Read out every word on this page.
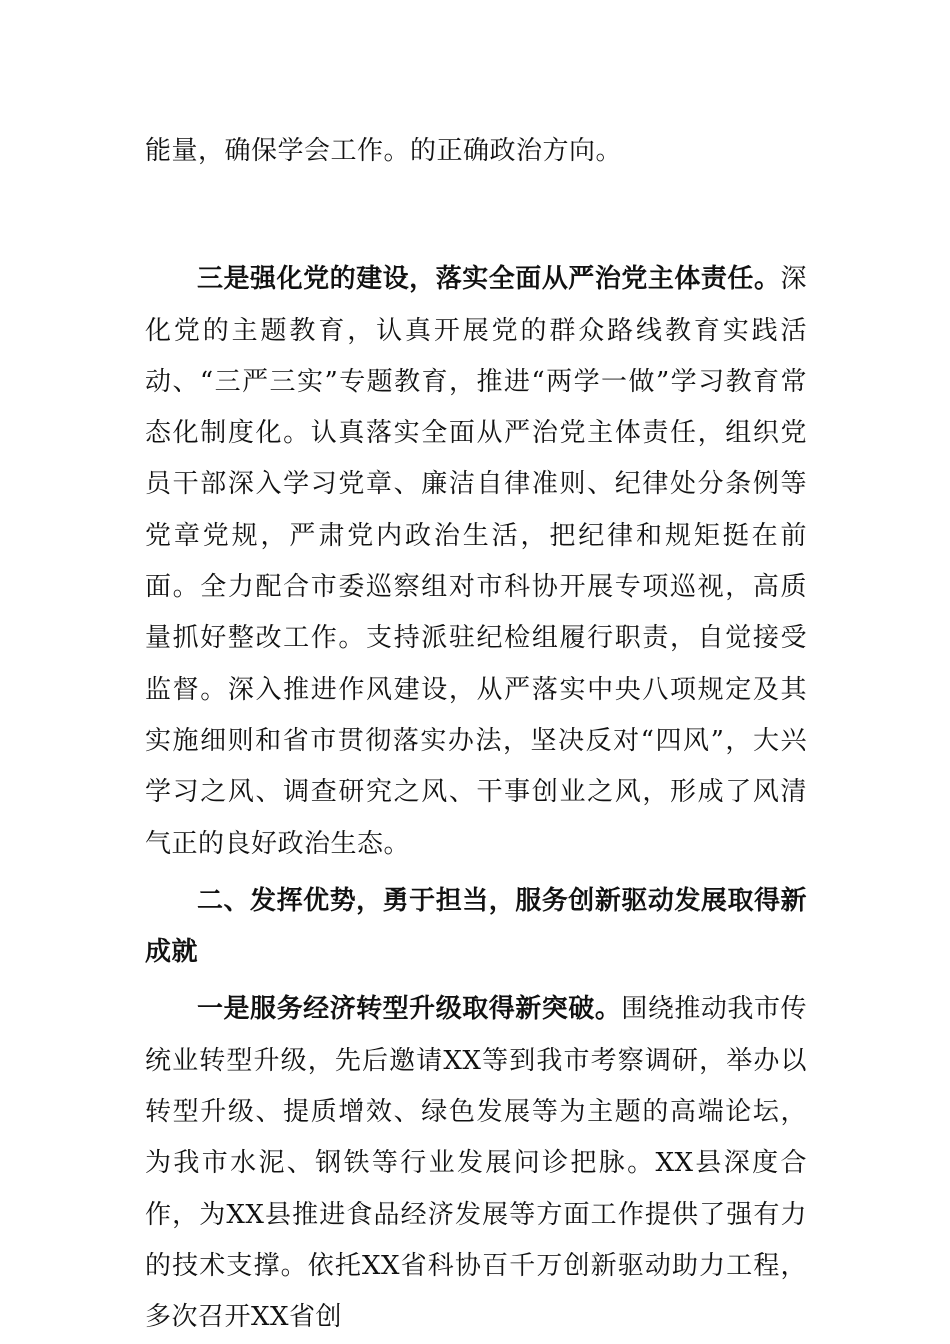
能量，确保学会工作。的正确政治方向。

三是强化党的建设，落实全面从严治党主体责任。深化党的主题教育，认真开展党的群众路线教育实践活动、“三严三实”专题教育，推进“两学一做”学习教育常态化制度化。认真落实全面从严治党主体责任，组织党员干部深入学习党章、廉洁自律准则、纪律处分条例等党章党规，严肃党内政治生活，把纪律和规矩挺在前面。全力配合市委巡察组对市科协开展专项巡视，高质量抓好整改工作。支持派驻纪检组履行职责，自觉接受监督。深入推进作风建设，从严落实中央八项规定及其实施细则和省市贯彻落实办法，坚决反对“四风”，大兴学习之风、调查研究之风、干事创业之风，形成了风清气正的良好政治生态。

二、发挥优势，勇于担当，服务创新驱动发展取得新成就

一是服务经济转型升级取得新突破。围绕推动我市传统业转型升级，先后邀请XX等到我市考察调研，举办以转型升级、提质增效、绿色发展等为主题的高端论坛，为我市水泥、钢铁等行业发展问诊把脉。XX县深度合作，为XX县推进食品经济发展等方面工作提供了强有力的技术支撑。依托XX省科协百千万创新驱动助力工程，多次召开XX省创
